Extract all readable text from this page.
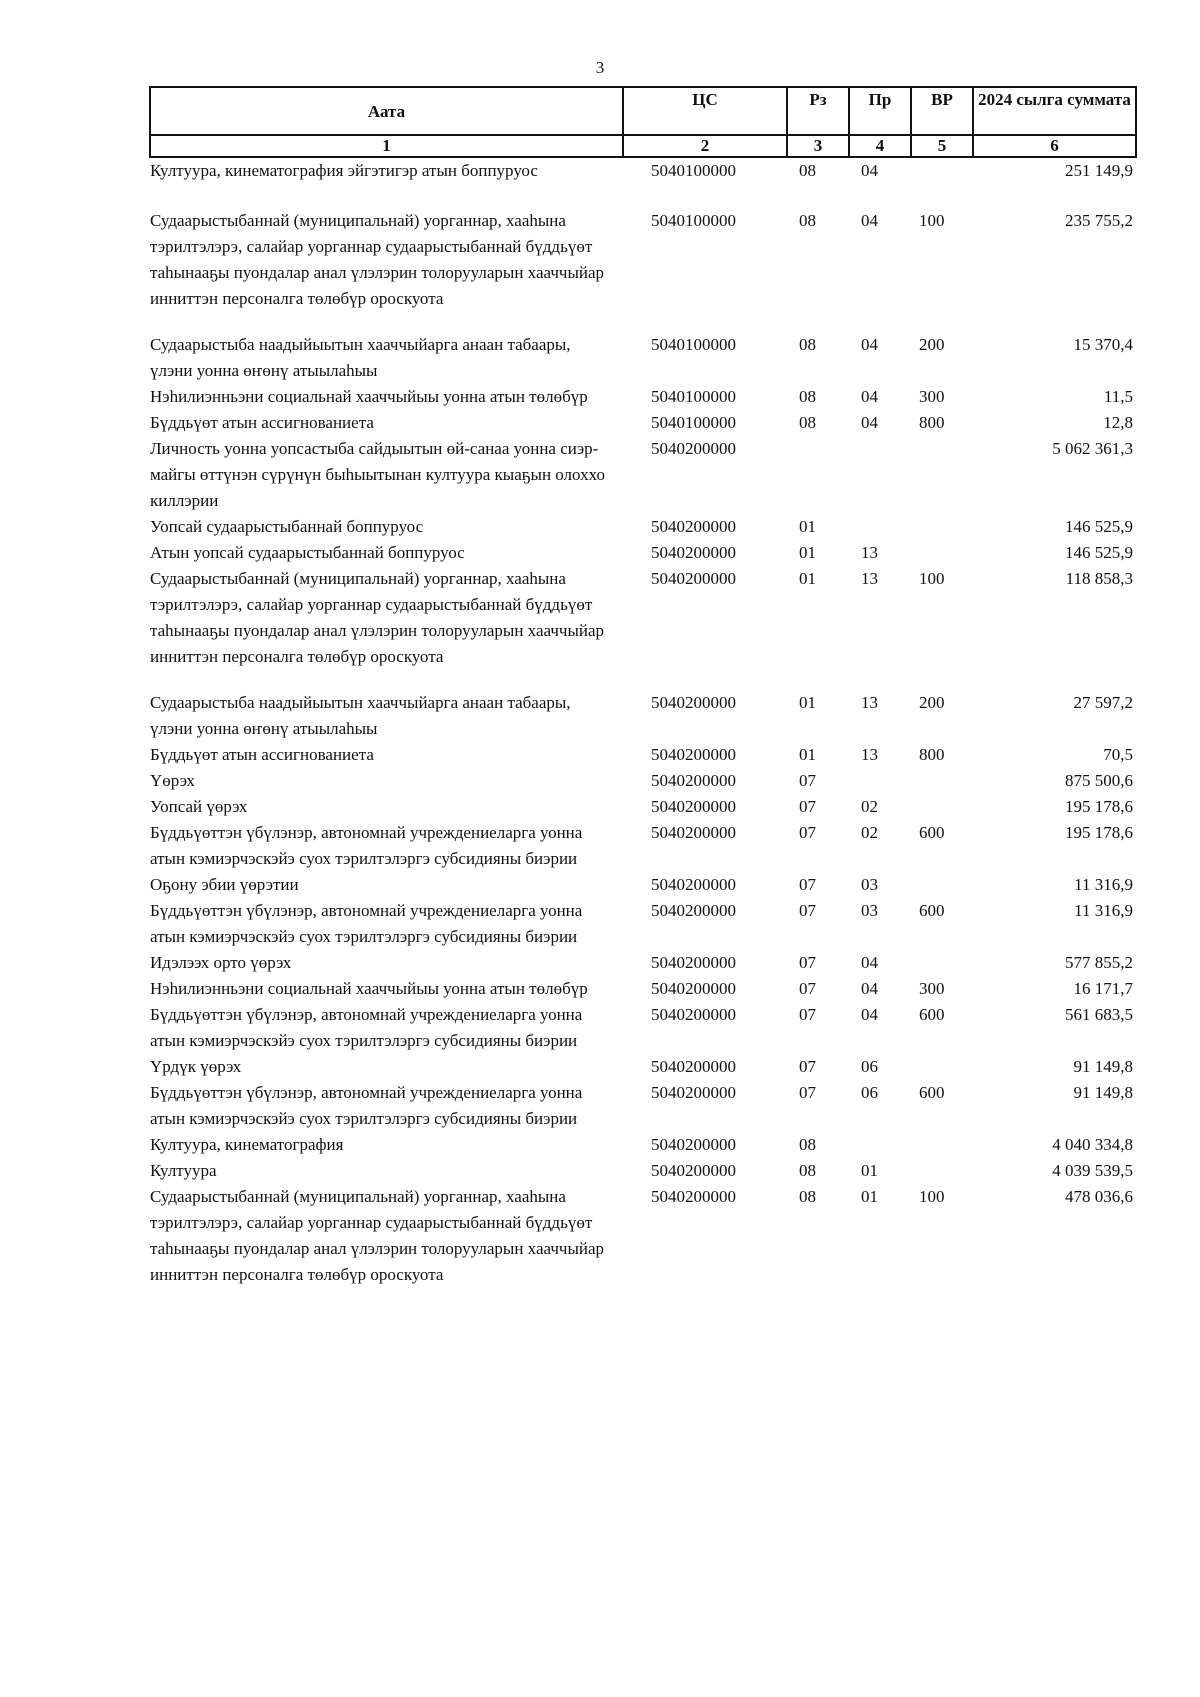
3
Аата	ЦС	Рз	Пр	ВР	2024 сылга суммата
1	2	3	4	5	6
Култуура, кинематография эйгэтигэр атын боппуруос	5040100000	08	04		251 149,9
Судаарыстыбаннай (муниципальнай) уорганнар, хааһына тэрилтэлэрэ, салайар уорганнар судаарыстыбаннай бүддьүөт таһынааҕы пуондалар анал үлэлэрин толорууларын хааччыйар инниттэн персоналга төлөбүр ороскуота	5040100000	08	04	100	235 755,2
Судаарыстыба наадыйыытын хааччыйарга анаан табаары, үлэни уонна өҥөнү атыылаһыы	5040100000	08	04	200	15 370,4
Нэһилиэнньэни социальнай хааччыйыы уонна атын төлөбүр	5040100000	08	04	300	11,5
Бүддьүөт атын ассигнованиета	5040100000	08	04	800	12,8
Личность уонна уопсастыба сайдыытын өй-санаа уонна сиэр-майгы өттүнэн сүрүнүн быһыытынан култуура кыаҕын олоххо киллэрии	5040200000				5 062 361,3
Уопсай судаарыстыбаннай боппуруос	5040200000	01			146 525,9
Атын уопсай судаарыстыбаннай боппуруос	5040200000	01	13		146 525,9
Судаарыстыбаннай (муниципальнай) уорганнар, хааһына тэрилтэлэрэ, салайар уорганнар судаарыстыбаннай бүддьүөт таһынааҕы пуондалар анал үлэлэрин толорууларын хааччыйар инниттэн персоналга төлөбүр ороскуота	5040200000	01	13	100	118 858,3
Судаарыстыба наадыйыытын хааччыйарга анаан табаары, үлэни уонна өҥөнү атыылаһыы	5040200000	01	13	200	27 597,2
Бүддьүөт атын ассигнованиета	5040200000	01	13	800	70,5
Үөрэх	5040200000	07			875 500,6
Уопсай үөрэх	5040200000	07	02		195 178,6
Бүддьүөттэн үбүлэнэр, автономнай учреждениеларга уонна атын кэмиэрчэскэйэ суох тэрилтэлэргэ субсидияны биэрии	5040200000	07	02	600	195 178,6
Оҕону эбии үөрэтии	5040200000	07	03		11 316,9
Бүддьүөттэн үбүлэнэр, автономнай учреждениеларга уонна атын кэмиэрчэскэйэ суох тэрилтэлэргэ субсидияны биэрии	5040200000	07	03	600	11 316,9
Идэлээх орто үөрэх	5040200000	07	04		577 855,2
Нэһилиэнньэни социальнай хааччыйыы уонна атын төлөбүр	5040200000	07	04	300	16 171,7
Бүддьүөттэн үбүлэнэр, автономнай учреждениеларга уонна атын кэмиэрчэскэйэ суох тэрилтэлэргэ субсидияны биэрии	5040200000	07	04	600	561 683,5
Үрдүк үөрэх	5040200000	07	06		91 149,8
Бүддьүөттэн үбүлэнэр, автономнай учреждениеларга уонна атын кэмиэрчэскэйэ суох тэрилтэлэргэ субсидияны биэрии	5040200000	07	06	600	91 149,8
Култуура, кинематография	5040200000	08			4 040 334,8
Култуура	5040200000	08	01		4 039 539,5
Судаарыстыбаннай (муниципальнай) уорганнар, хааһына тэрилтэлэрэ, салайар уорганнар судаарыстыбаннай бүддьүөт таһынааҕы пуондалар анал үлэлэрин толорууларын хааччыйар инниттэн персоналга төлөбүр ороскуота	5040200000	08	01	100	478 036,6
